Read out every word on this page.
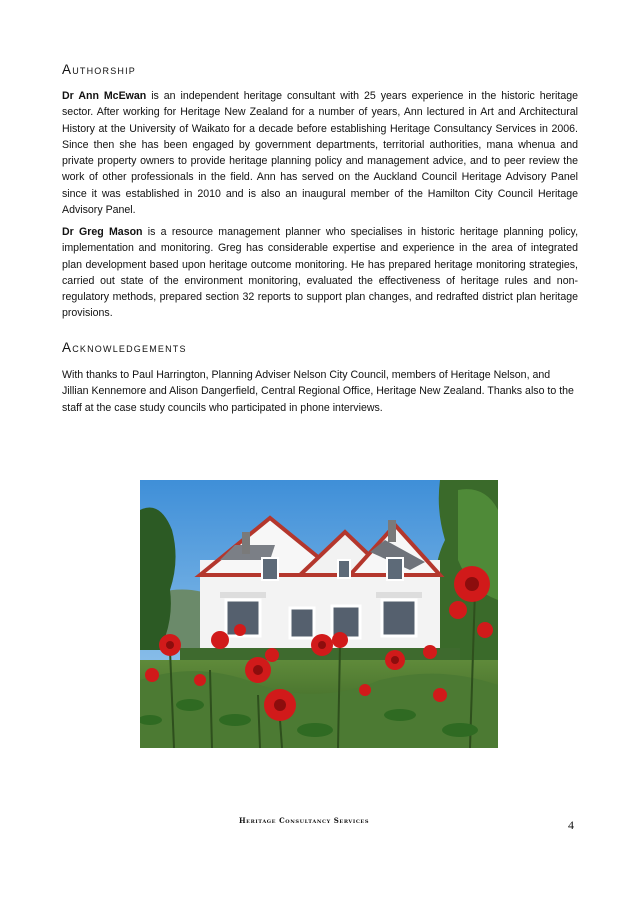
Authorship

Dr Ann McEwan is an independent heritage consultant with 25 years experience in the historic heritage sector. After working for Heritage New Zealand for a number of years, Ann lectured in Art and Architectural History at the University of Waikato for a decade before establishing Heritage Consultancy Services in 2006. Since then she has been engaged by government departments, territorial authorities, mana whenua and private property owners to provide heritage planning policy and management advice, and to peer review the work of other professionals in the field. Ann has served on the Auckland Council Heritage Advisory Panel since it was established in 2010 and is also an inaugural member of the Hamilton City Council Heritage Advisory Panel.

Dr Greg Mason is a resource management planner who specialises in historic heritage planning policy, implementation and monitoring. Greg has considerable expertise and experience in the area of integrated plan development based upon heritage outcome monitoring. He has prepared heritage monitoring strategies, carried out state of the environment monitoring, evaluated the effectiveness of heritage rules and non-regulatory methods, prepared section 32 reports to support plan changes, and redrafted district plan heritage provisions.

Acknowledgements

With thanks to Paul Harrington, Planning Adviser Nelson City Council, members of Heritage Nelson, and Jillian Kennemore and Alison Dangerfield, Central Regional Office, Heritage New Zealand. Thanks also to the staff at the case study councils who participated in phone interviews.

Heritage Consultancy Services	4
